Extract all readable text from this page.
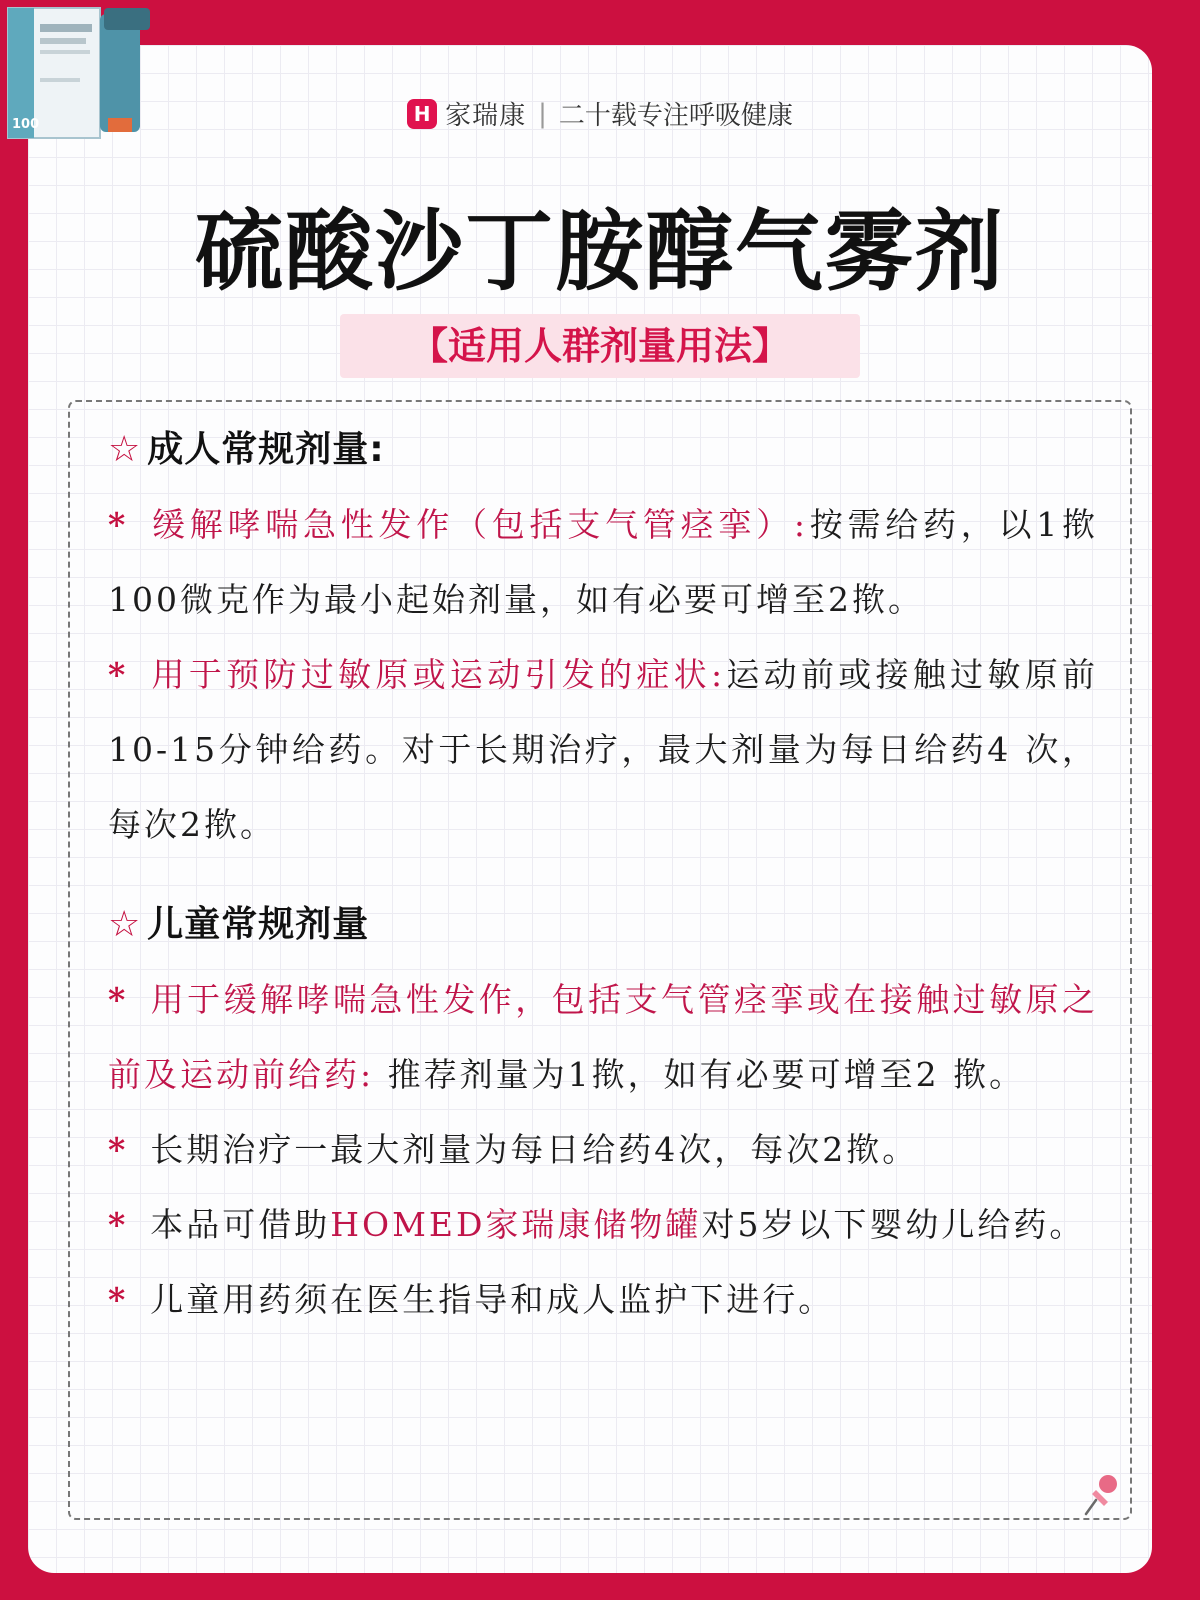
100	H 家瑞康 | 二十载专注呼吸健康
硫酸沙丁胺醇气雾剂
【适用人群剂量用法】

☆ 成人常规剂量:

* 缓解哮喘急性发作（包括支气管痉挛）:按需给药，以1揿100微克作为最小起始剂量，如有必要可增至2揿。

* 用于预防过敏原或运动引发的症状:运动前或接触过敏原前10-15分钟给药。对于长期治疗，最大剂量为每日给药4 次，每次2揿。

☆ 儿童常规剂量

* 用于缓解哮喘急性发作，包括支气管痉挛或在接触过敏原之前及运动前给药: 推荐剂量为1揿，如有必要可增至2 揿。

* 长期治疗一最大剂量为每日给药4次，每次2揿。

* 本品可借助HOMED家瑞康储物罐对5岁以下婴幼儿给药。

* 儿童用药须在医生指导和成人监护下进行。
